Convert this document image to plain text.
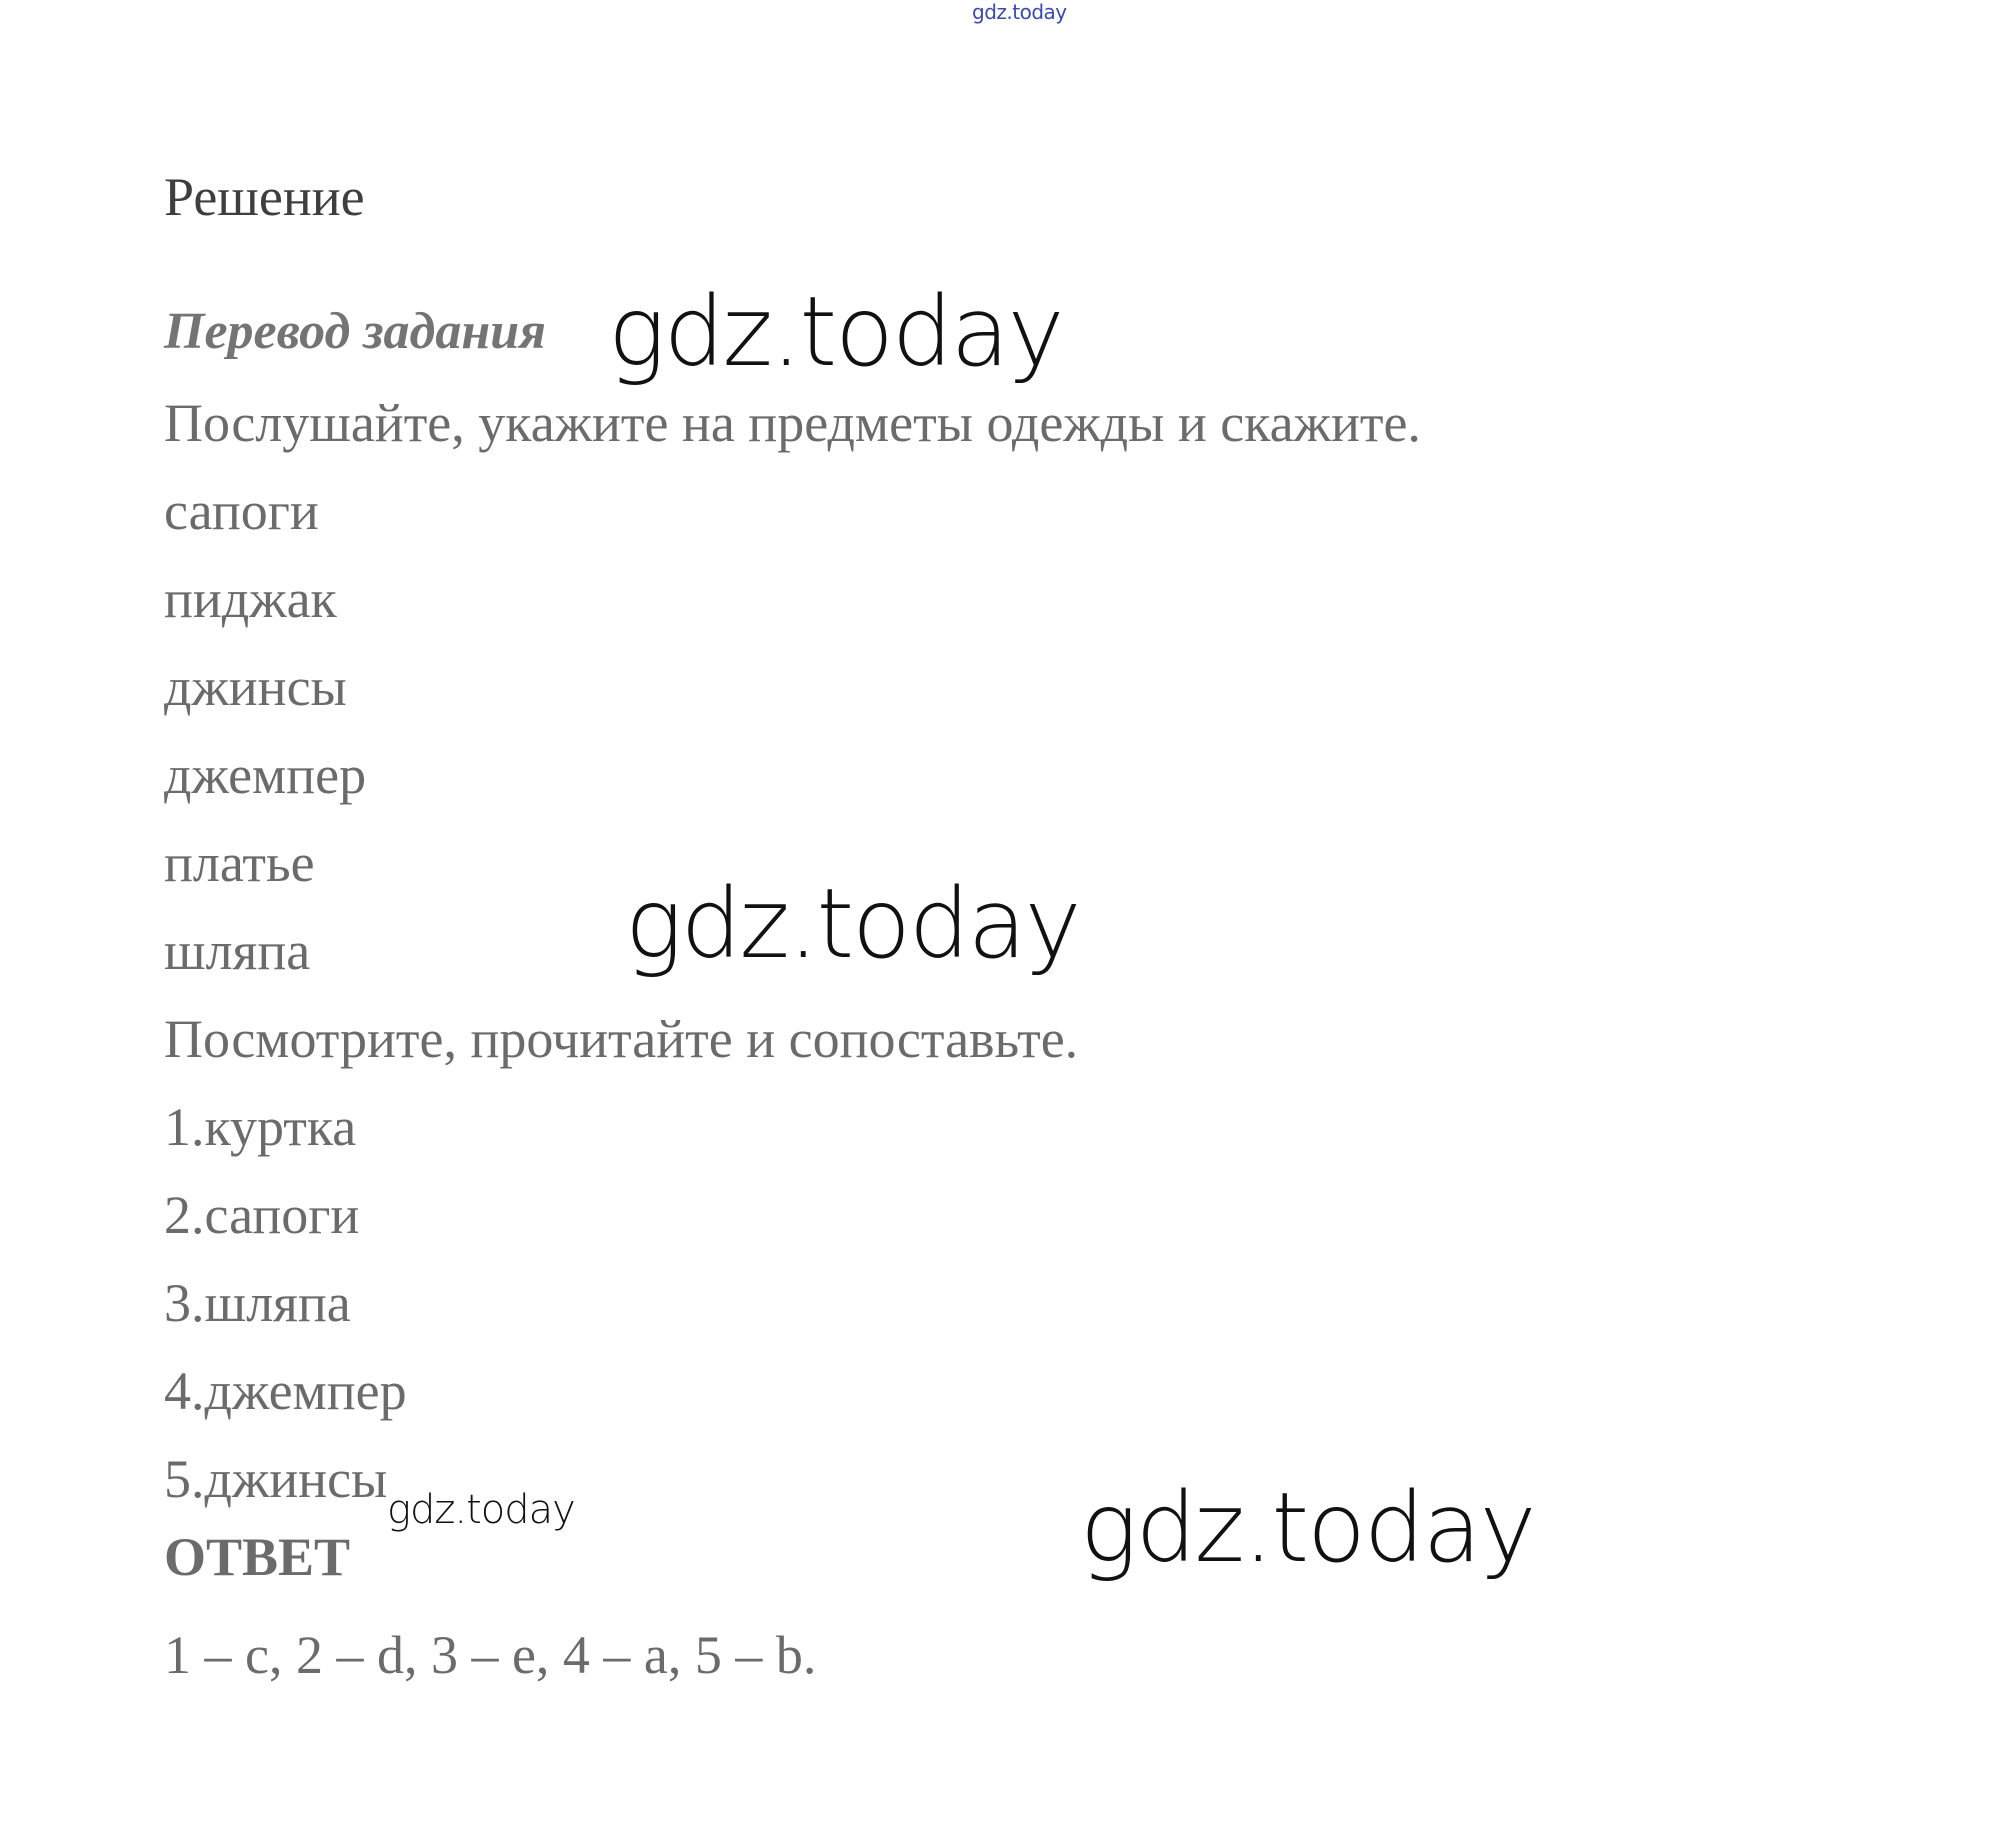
gdz.today
Решение
Перевод задания
Послушайте, укажите на предметы одежды и скажите.
сапоги
пиджак
джинсы
джемпер
платье
шляпа
Посмотрите, прочитайте и сопоставьте.
1.куртка
2.сапоги
3.шляпа
4.джемпер
5.джинсы
ОТВЕТ
1 – c, 2 – d, 3 – e, 4 – a, 5 – b.
gdz.today
gdz.today
gdz.today	gdz.today
